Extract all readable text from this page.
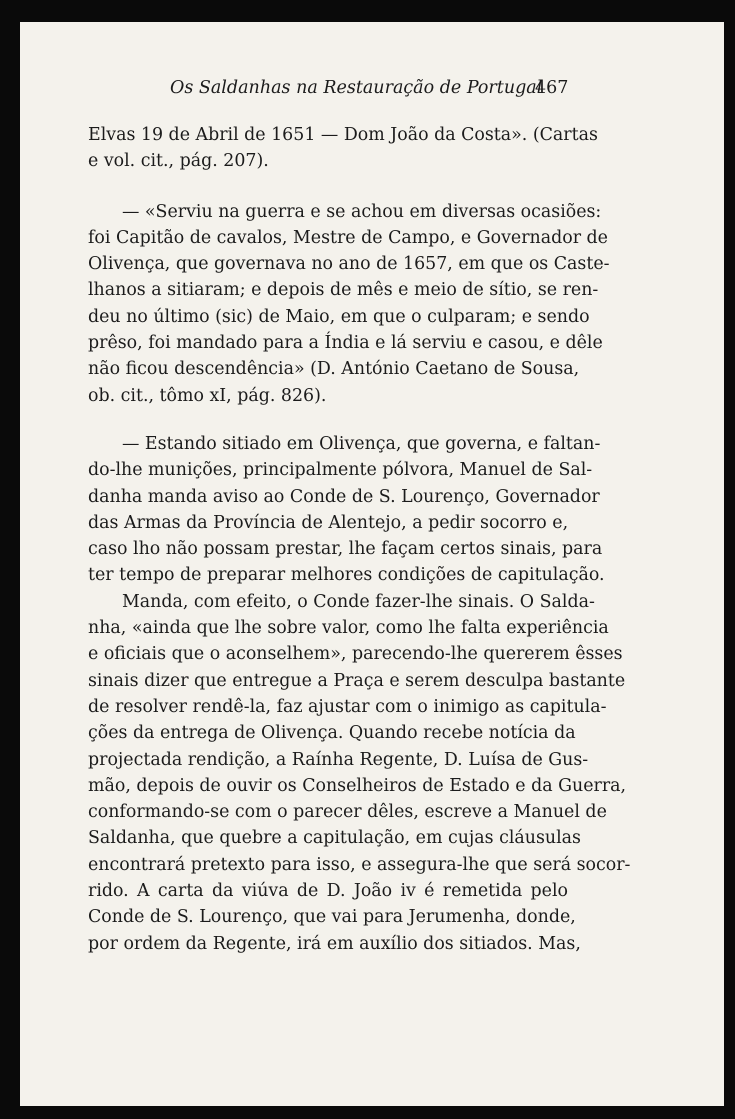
Os Saldanhas na Restauração de Portugal
467

Elvas 19 de Abril de 1651 — Dom João da Costa». (Cartas
e vol. cit., pág. 207).

— «Serviu na guerra e se achou em diversas ocasiões:
foi Capitão de cavalos, Mestre de Campo, e Governador de
Olivença, que governava no ano de 1657, em que os Caste-
lhanos a sitiaram; e depois de mês e meio de sítio, se ren-
deu no último (sic) de Maio, em que o culparam; e sendo
prêso, foi mandado para a Índia e lá serviu e casou, e dêle
não ficou descendência» (D. António Caetano de Sousa,
ob. cit., tômo xI, pág. 826).

— Estando sitiado em Olivença, que governa, e faltan-
do-lhe munições, principalmente pólvora, Manuel de Sal-
danha manda aviso ao Conde de S. Lourenço, Governador
das Armas da Província de Alentejo, a pedir socorro e,
caso lho não possam prestar, lhe façam certos sinais, para
ter tempo de preparar melhores condições de capitulação.

Manda, com efeito, o Conde fazer-lhe sinais. O Salda-
nha, «ainda que lhe sobre valor, como lhe falta experiência
e oficiais que o aconselhem», parecendo-lhe quererem êsses
sinais dizer que entregue a Praça e serem desculpa bastante
de resolver rendê-la, faz ajustar com o inimigo as capitula-
ções da entrega de Olivença. Quando recebe notícia da
projectada rendição, a Raínha Regente, D. Luísa de Gus-
mão, depois de ouvir os Conselheiros de Estado e da Guerra,
conformando-se com o parecer dêles, escreve a Manuel de
Saldanha, que quebre a capitulação, em cujas cláusulas
encontrará pretexto para isso, e assegura-lhe que será socor-
rido. A carta da viúva de D. João iv é remetida pelo
Conde de S. Lourenço, que vai para Jerumenha, donde,
por ordem da Regente, irá em auxílio dos sitiados. Mas,
